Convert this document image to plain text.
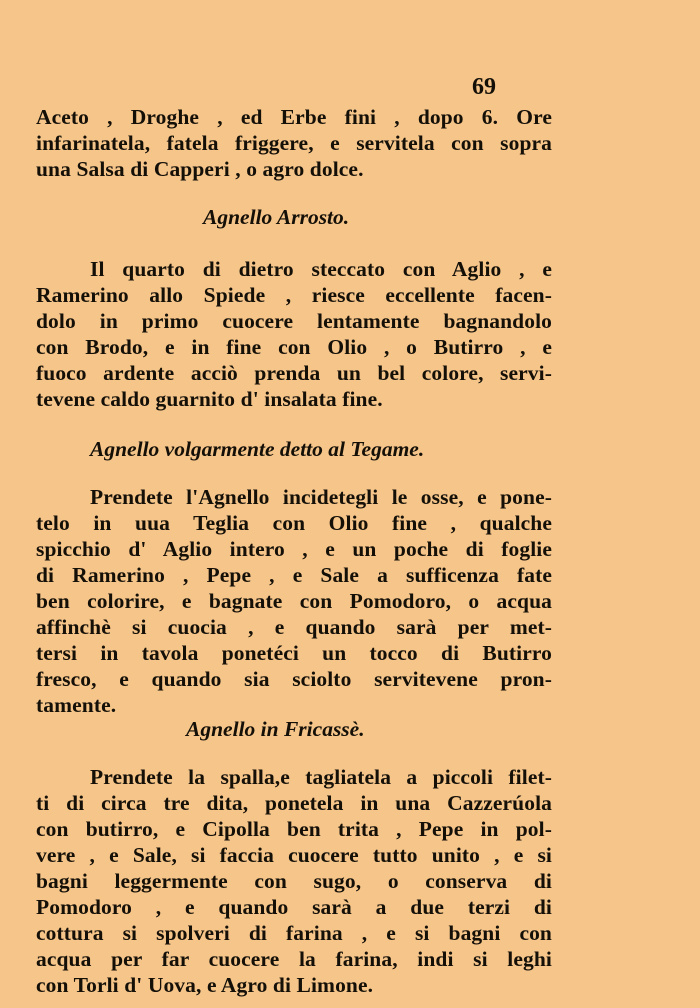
69
Aceto , Droghe , ed Erbe fini , dopo 6. Ore
infarinatela, fatela friggere, e servitela con sopra
una Salsa di Capperi , o agro dolce.
Agnello Arrosto.
Il quarto di dietro steccato con Aglio , e
Ramerino allo Spiede , riesce eccellente facen-
dolo in primo cuocere lentamente bagnandolo
con Brodo, e in fine con Olio , o Butirro , e
fuoco ardente acciò prenda un bel colore, servi-
tevene caldo guarnito d' insalata fine.
Agnello volgarmente detto al Tegame.
Prendete l'Agnello incidetegli le osse, e pone-
telo in uua Teglia con Olio fine , qualche
spicchio d' Aglio intero , e un poche di foglie
di Ramerino , Pepe , e Sale a sufficenza fate
ben colorire, e bagnate con Pomodoro, o acqua
affinchè si cuocia , e quando sarà per met-
tersi in tavola ponetéci un tocco di Butirro
fresco, e quando sia sciolto servitevene pron-
tamente.
Agnello in Fricassè.
Prendete la spalla,e tagliatela a piccoli filet-
ti di circa tre dita, ponetela in una Cazzerúola
con butirro, e Cipolla ben trita , Pepe in pol-
vere , e Sale, si faccia cuocere tutto unito , e si
bagni leggermente con sugo, o conserva di
Pomodoro , e quando sarà a due terzi di
cottura si spolveri di farina , e si bagni con
acqua per far cuocere la farina, indi si leghi
con Torli d' Uova, e Agro di Limone.
